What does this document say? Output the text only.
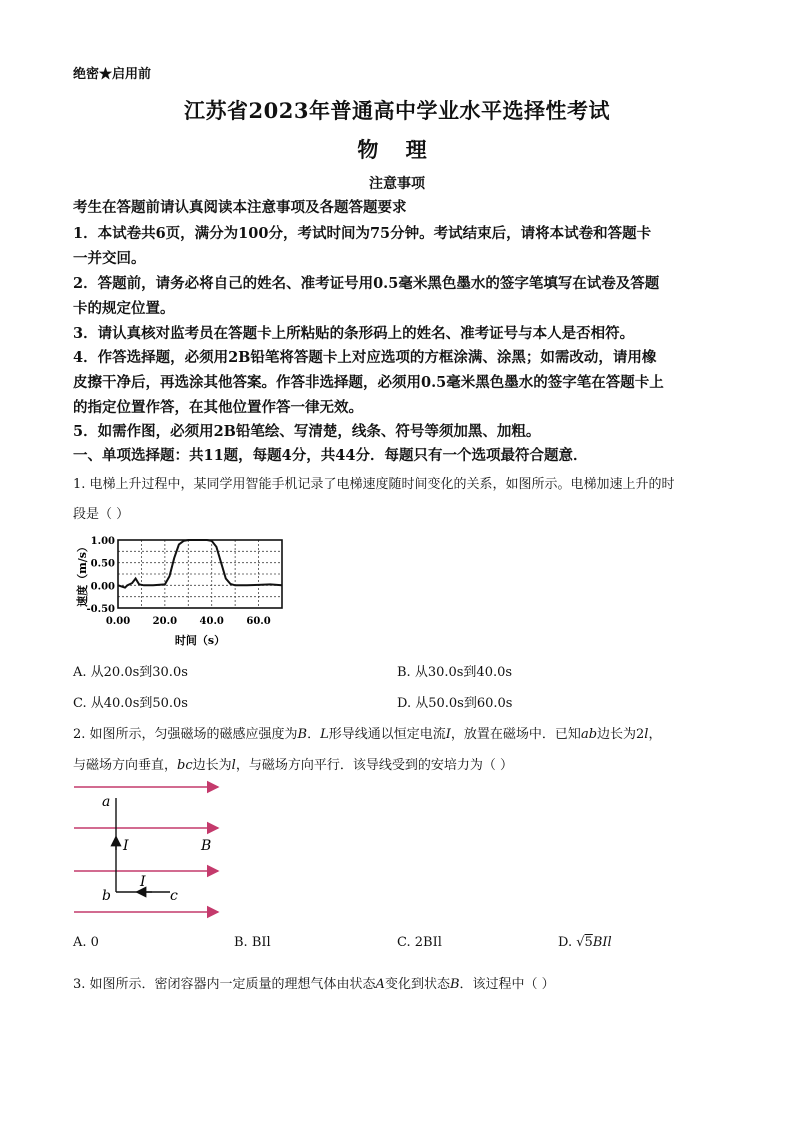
绝密★启用前
江苏省2023年普通高中学业水平选择性考试
物 理
注意事项
考生在答题前请认真阅读本注意事项及各题答题要求
1．本试卷共6页，满分为100分，考试时间为75分钟。考试结束后，请将本试卷和答题卡
一并交回。
2．答题前，请务必将自己的姓名、准考证号用0.5毫米黑色墨水的签字笔填写在试卷及答题
卡的规定位置。
3．请认真核对监考员在答题卡上所粘贴的条形码上的姓名、准考证号与本人是否相符。
4．作答选择题，必须用2B铅笔将答题卡上对应选项的方框涂满、涂黑；如需改动，请用橡
皮擦干净后，再选涂其他答案。作答非选择题，必须用0.5毫米黑色墨水的签字笔在答题卡上
的指定位置作答，在其他位置作答一律无效。
5．如需作图，必须用2B铅笔绘、写清楚，线条、符号等须加黑、加粗。
一、单项选择题：共11题，每题4分，共44分．每题只有一个选项最符合题意．
1. 电梯上升过程中，某同学用智能手机记录了电梯速度随时间变化的关系，如图所示。电梯加速上升的时
段是（ ）
1.00
0.50
0.00
-0.50
0.00 20.0 40.0 60.0
速度（m/s）
时间（s）
A. 从20.0s到30.0s	B. 从30.0s到40.0s
C. 从40.0s到50.0s	D. 从50.0s到60.0s
2. 如图所示，匀强磁场的磁感应强度为B．L形导线通以恒定电流I，放置在磁场中．已知ab边长为2l，
与磁场方向垂直，bc边长为l，与磁场方向平行．该导线受到的安培力为（ ）
a
b	c
I
I
B
A. 0	B. BIl	C. 2BIl	D. √5BIl
3. 如图所示．密闭容器内一定质量的理想气体由状态A变化到状态B．该过程中（ ）
